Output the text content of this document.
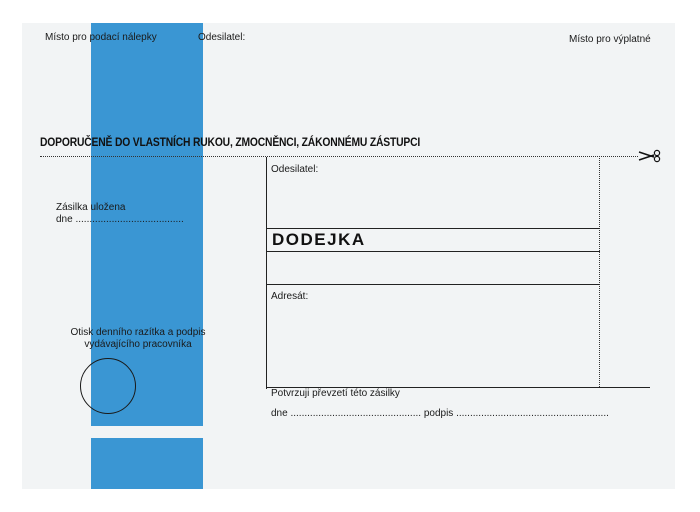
Místo pro podací nálepky	Odesilatel:	Místo pro výplatné
DOPORUČENĚ DO VLASTNÍCH RUKOU, ZMOCNĚNCI, ZÁKONNÉMU ZÁSTUPCI
Odesilatel:
DODEJKA
Adresát:
Potvrzuji převzetí této zásilky
dne ............................................... podpis .......................................................
Zásilka uložena
dne .......................................
Otisk denního razítka a podpis
vydávajícího pracovníka
